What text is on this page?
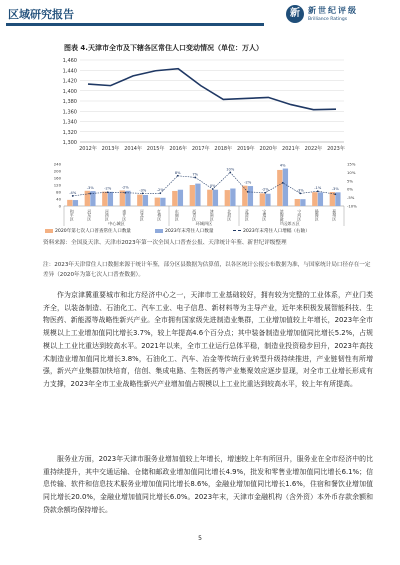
区域研究报告	新	新世纪评级
Brilliance Ratings
图表 4.天津市全市及下辖各区常住人口变动情况（单位：万人）
1,460
1,440
1,420
1,400
1,380
1,360
1,340
1,320
1,300
2012年 2013年 2014年 2015年 2016年 2017年 2018年 2019年 2020年 2021年 2022年 2023年
240
200
160
120
80
40
0
15%
10%
5%
0%
-5%
-10%
-4%
-3%	-2%	-2%
-3%	-2%
8%	7%
0%
10%
-2%
-2%
4%
-3%
-1%	-3%
和平区	河东区	河西区	南开区	河北区	红桥区	东丽区	西青区	津南区	北辰区	武清区	宝坻区	滨海新区	宁河区	静海区	蓟州区
中心城区	环城四区	远郊五区
2020年第七次人口普查常住人口数量	2023年末常住人口数量	2023年末常住人口增幅（右轴）
资料来源：全国及天津、天津市2023年第一次全国人口普查公报、天津统计年鉴、新世纪评级整理
注：2023年天津常住人口数据来源于统计年鉴，部分区县数据为估算值，以各区统计公报公布数据为准，与国家统计局口径存在一定差异（2020年为第七次人口普查数据）。
作为京津冀重要城市和北方经济中心之一，天津市工业基础较好，拥有较为完整的工业体系，产业门类齐全，以装备制造、石油化工、汽车工业、电子信息、新材料等为主导产业，近年来积极发展智能科技、生物医药、新能源等战略性新兴产业。全市拥有国家级先进制造业集群，工业增加值较上年增长，2023年全市规模以上工业增加值同比增长3.7%，较上年提高4.6个百分点；其中装备制造业增加值同比增长5.2%，占规模以上工业比重达到较高水平。2021年以来，全市工业运行总体平稳，制造业投资稳步回升，2023年高技术制造业增加值同比增长3.8%，石油化工、汽车、冶金等传统行业转型升级持续推进，产业链韧性有所增强，新兴产业集群加快培育，信创、集成电路、生物医药等产业集聚效应逐步显现，对全市工业增长形成有力支撑，2023年全市工业战略性新兴产业增加值占规模以上工业比重达到较高水平，较上年有所提高。
服务业方面，2023年天津市服务业增加值较上年增长，增速较上年有所回升，服务业在全市经济中的比重持续提升，其中交通运输、仓储和邮政业增加值同比增长4.9%，批发和零售业增加值同比增长6.1%；信息传输、软件和信息技术服务业增加值同比增长8.6%，金融业增加值同比增长1.6%，住宿和餐饮业增加值同比增长20.0%，金融业增加值同比增长6.0%。2023年末，天津市金融机构（含外资）本外币存款余额和贷款余额均保持增长。
5
